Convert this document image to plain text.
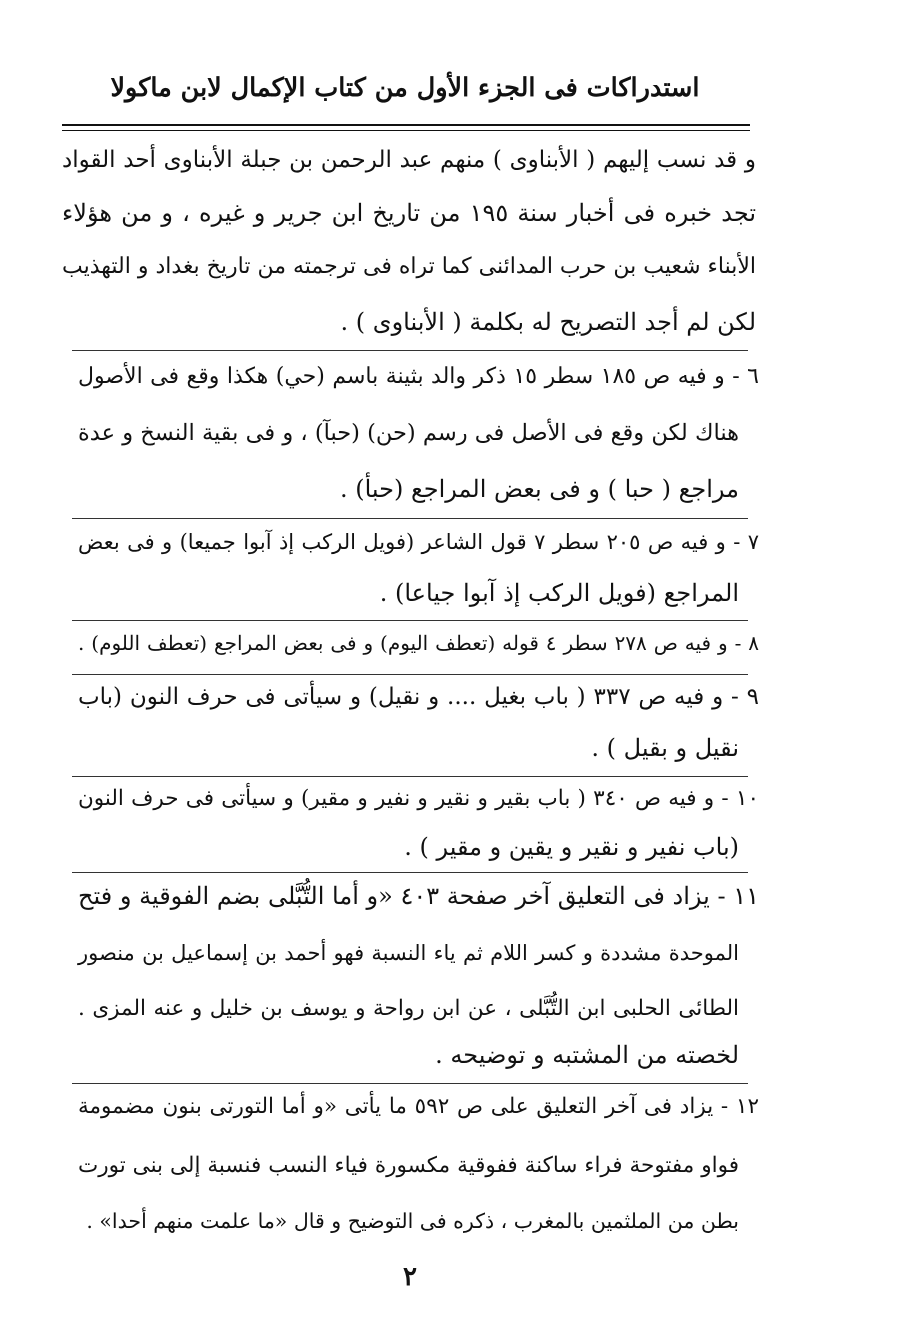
استدراكات فى الجزء الأول من كتاب الإكمال لابن ماكولا
و قد نسب إليهم ( الأبناوى ) منهم عبد الرحمن بن جبلة الأبناوى أحد القواد
تجد خبره فى أخبار سنة ١٩٥ من تاريخ ابن جرير و غيره ، و من هؤلاء
الأبناء شعيب بن حرب المدائنى كما تراه فى ترجمته من تاريخ بغداد و التهذيب
لكن لم أجد التصريح له بكلمة ( الأبناوى ) .
٦ - و فيه ص ١٨٥ سطر ١٥ ذكر والد بثينة باسم (حي) هكذا وقع فى الأصول
هناك لكن وقع فى الأصل فى رسم (حن) (حبآ) ، و فى بقية النسخ و عدة
مراجع ( حبا ) و فى بعض المراجع (حبأ) .
٧ - و فيه ص ٢٠٥ سطر ٧ قول الشاعر (فويل الركب إذ آبوا جميعا) و فى بعض
المراجع (فويل الركب إذ آبوا جياعا) .
٨ - و فيه ص ٢٧٨ سطر ٤ قوله (تعطف اليوم) و فى بعض المراجع (تعطف اللوم) .
٩ - و فيه ص ٣٣٧ ( باب بغيل .... و نقيل) و سيأتى فى حرف النون (باب
نقيل و بقيل ) .
١٠ - و فيه ص ٣٤٠ ( باب بقير و نقير و نفير و مقير) و سيأتى فى حرف النون
(باب نفير و نقير و يقين و مقير ) .
١١ - يزاد فى التعليق آخر صفحة ٤٠٣ «و أما التُّبَّلى بضم الفوقية و فتح
الموحدة مشددة و كسر اللام ثم ياء النسبة فهو أحمد بن إسماعيل بن منصور
الطائى الحلبى ابن التُّبَّلى ، عن ابن رواحة و يوسف بن خليل و عنه المزى .
لخصته من المشتبه و توضيحه .
١٢ - يزاد فى آخر التعليق على ص ٥٩٢ ما يأتى «و أما التورتى بنون مضمومة
فواو مفتوحة فراء ساكنة ففوقية مكسورة فياء النسب فنسبة إلى بنى تورت
بطن من الملثمين بالمغرب ، ذكره فى التوضيح و قال «ما علمت منهم أحدا» .
٢
